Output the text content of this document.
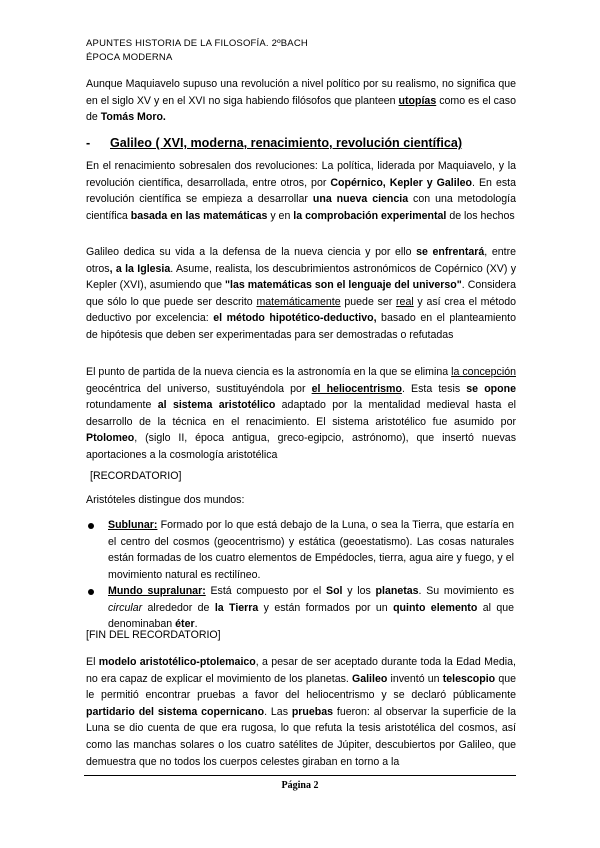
APUNTES HISTORIA DE LA FILOSOFÍA. 2ºBACH
ÉPOCA MODERNA
Aunque Maquiavelo supuso una revolución a nivel político por su realismo, no significa que en el siglo XV y en el XVI no siga habiendo filósofos que planteen utopías como es el caso de Tomás Moro.
- Galileo ( XVI, moderna, renacimiento, revolución científica)
En el renacimiento sobresalen dos revoluciones: La política, liderada por Maquiavelo, y la revolución científica, desarrollada, entre otros, por Copérnico, Kepler y Galileo. En esta revolución científica se empieza a desarrollar una nueva ciencia con una metodología científica basada en las matemáticas y en la comprobación experimental de los hechos
Galileo dedica su vida a la defensa de la nueva ciencia y por ello se enfrentará, entre otros, a la Iglesia. Asume, realista, los descubrimientos astronómicos de Copérnico (XV) y Kepler (XVI), asumiendo que "las matemáticas son el lenguaje del universo". Considera que sólo lo que puede ser descrito matemáticamente puede ser real y así crea el método deductivo por excelencia: el método hipotético-deductivo, basado en el planteamiento de hipótesis que deben ser experimentadas para ser demostradas o refutadas
El punto de partida de la nueva ciencia es la astronomía en la que se elimina la concepción geocéntrica del universo, sustituyéndola por el heliocentrismo. Esta tesis se opone rotundamente al sistema aristotélico adaptado por la mentalidad medieval hasta el desarrollo de la técnica en el renacimiento. El sistema aristotélico fue asumido por Ptolomeo, (siglo II, época antigua, greco-egipcio, astrónomo), que insertó nuevas aportaciones a la cosmología aristotélica
[RECORDATORIO]
Aristóteles distingue dos mundos:
Sublunar: Formado por lo que está debajo de la Luna, o sea la Tierra, que estaría en el centro del cosmos (geocentrismo) y estática (geoestatismo). Las cosas naturales están formadas de los cuatro elementos de Empédocles, tierra, agua aire y fuego, y el movimiento natural es rectilíneo.
Mundo supralunar: Está compuesto por el Sol y los planetas. Su movimiento es circular alrededor de la Tierra y están formados por un quinto elemento al que denominaban éter.
[FIN DEL RECORDATORIO]
El modelo aristotélico-ptolemaico, a pesar de ser aceptado durante toda la Edad Media, no era capaz de explicar el movimiento de los planetas. Galileo inventó un telescopio que le permitió encontrar pruebas a favor del heliocentrismo y se declaró públicamente partidario del sistema copernicano. Las pruebas fueron: al observar la superficie de la Luna se dio cuenta de que era rugosa, lo que refuta la tesis aristotélica del cosmos, así como las manchas solares o los cuatro satélites de Júpiter, descubiertos por Galileo, que demuestra que no todos los cuerpos celestes giraban en torno a la
Página 2
